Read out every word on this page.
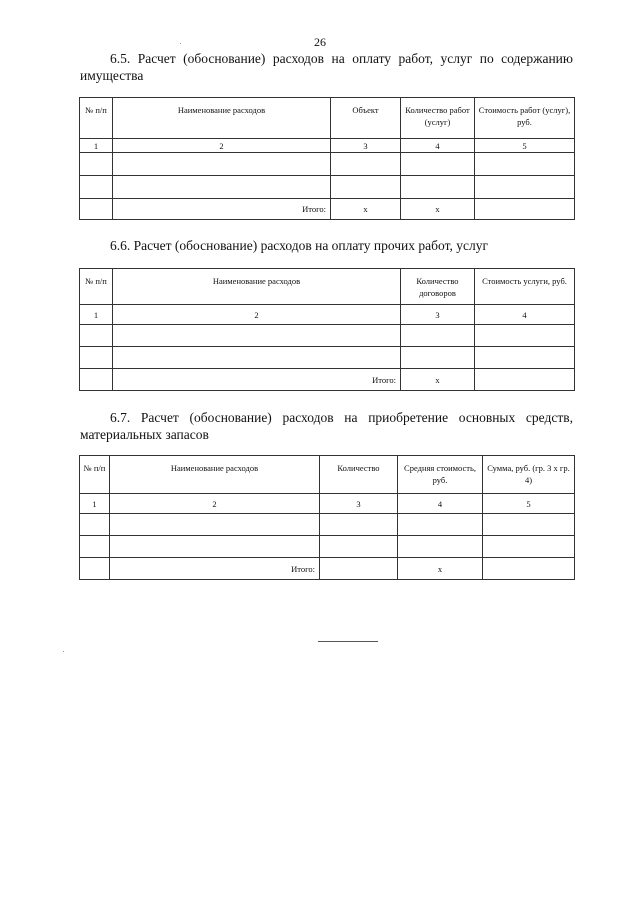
26
6.5. Расчет (обоснование) расходов на оплату работ, услуг по содержанию имущества
№ п/п	Наименование расходов	Объект	Количество работ (услуг)	Стоимость работ (услуг), руб.
1	2	3	4	5

	Итого:	x	x	
6.6. Расчет (обоснование) расходов на оплату прочих работ, услуг
№ п/п	Наименование расходов	Количество договоров	Стоимость услуги, руб.
1	2	3	4

	Итого:	x	
6.7. Расчет (обоснование) расходов на приобретение основных средств, материальных запасов
№ п/п	Наименование расходов	Количество	Средняя стоимость, руб.	Сумма, руб. (гр. 3 x гр. 4)
1	2	3	4	5

	Итого:		x	
